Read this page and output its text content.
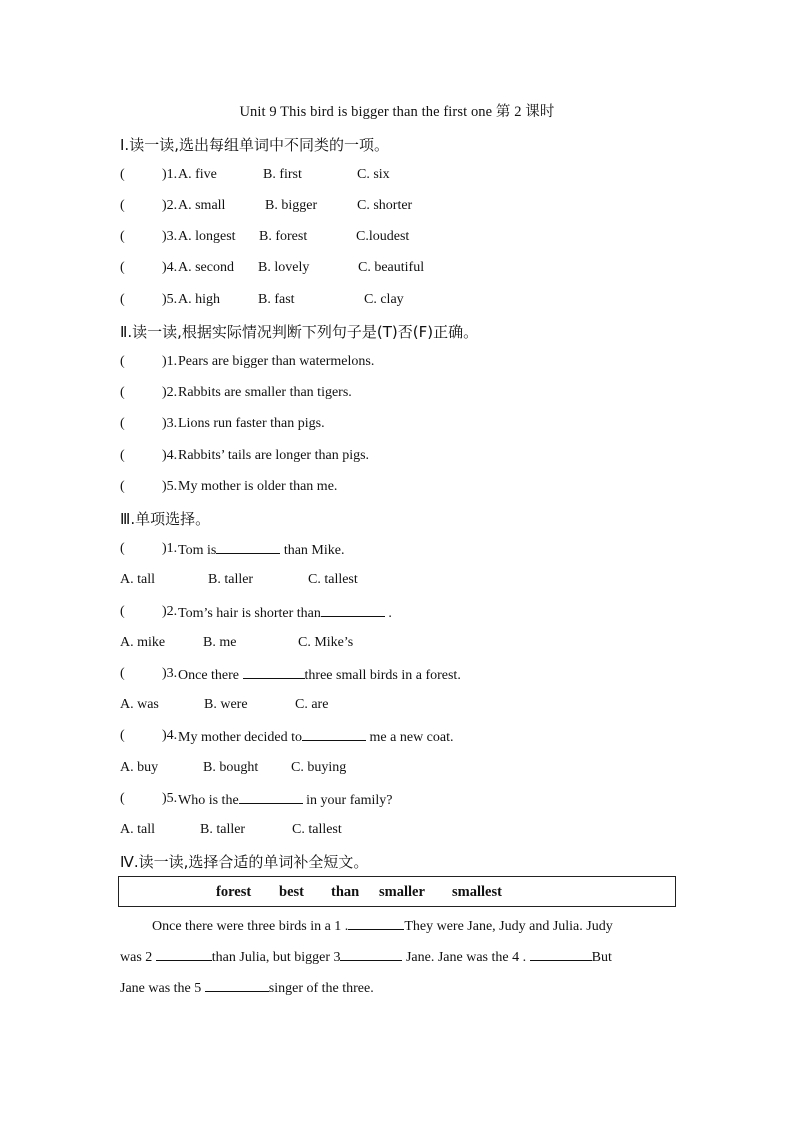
Unit 9 This bird is bigger than the first one 第 2 课时
Ⅰ.读一读,选出每组单词中不同类的一项。
(	)1. A. five	B. first	C. six
(	)2. A. small	B. bigger	C. shorter
(	)3. A. longest B. forest	C.loudest
(	)4. A. second B. lovely	C. beautiful
(	)5. A. high	B. fast	C. clay
Ⅱ.读一读,根据实际情况判断下列句子是(T)否(F)正确。
(	)1. Pears are bigger than watermelons.
(	)2. Rabbits are smaller than tigers.
(	)3. Lions run faster than pigs.
(	)4. Rabbits’ tails are longer than pigs.
(	)5. My mother is older than me.
Ⅲ.单项选择。
(	)1. Tom is	than Mike.
A. tall	B. taller	C. tallest
(	)2. Tom’s hair is shorter than	.
A. mike	B. me	C. Mike’s
(	)3. Once there	three small birds in a forest.
A. was	B. were	C. are
(	)4. My mother decided to	me a new coat.
A. buy	B. bought C. buying
(	)5. Who is the	in your family?
A. tall	B. taller	C. tallest
Ⅳ.读一读,选择合适的单词补全短文。
forest best than smaller smallest
Once there were three birds in a 1 .	They were Jane, Judy and Julia. Judy
was 2	than Julia, but bigger 3	Jane. Jane was the 4 .	But
Jane was the 5	singer of the three.
